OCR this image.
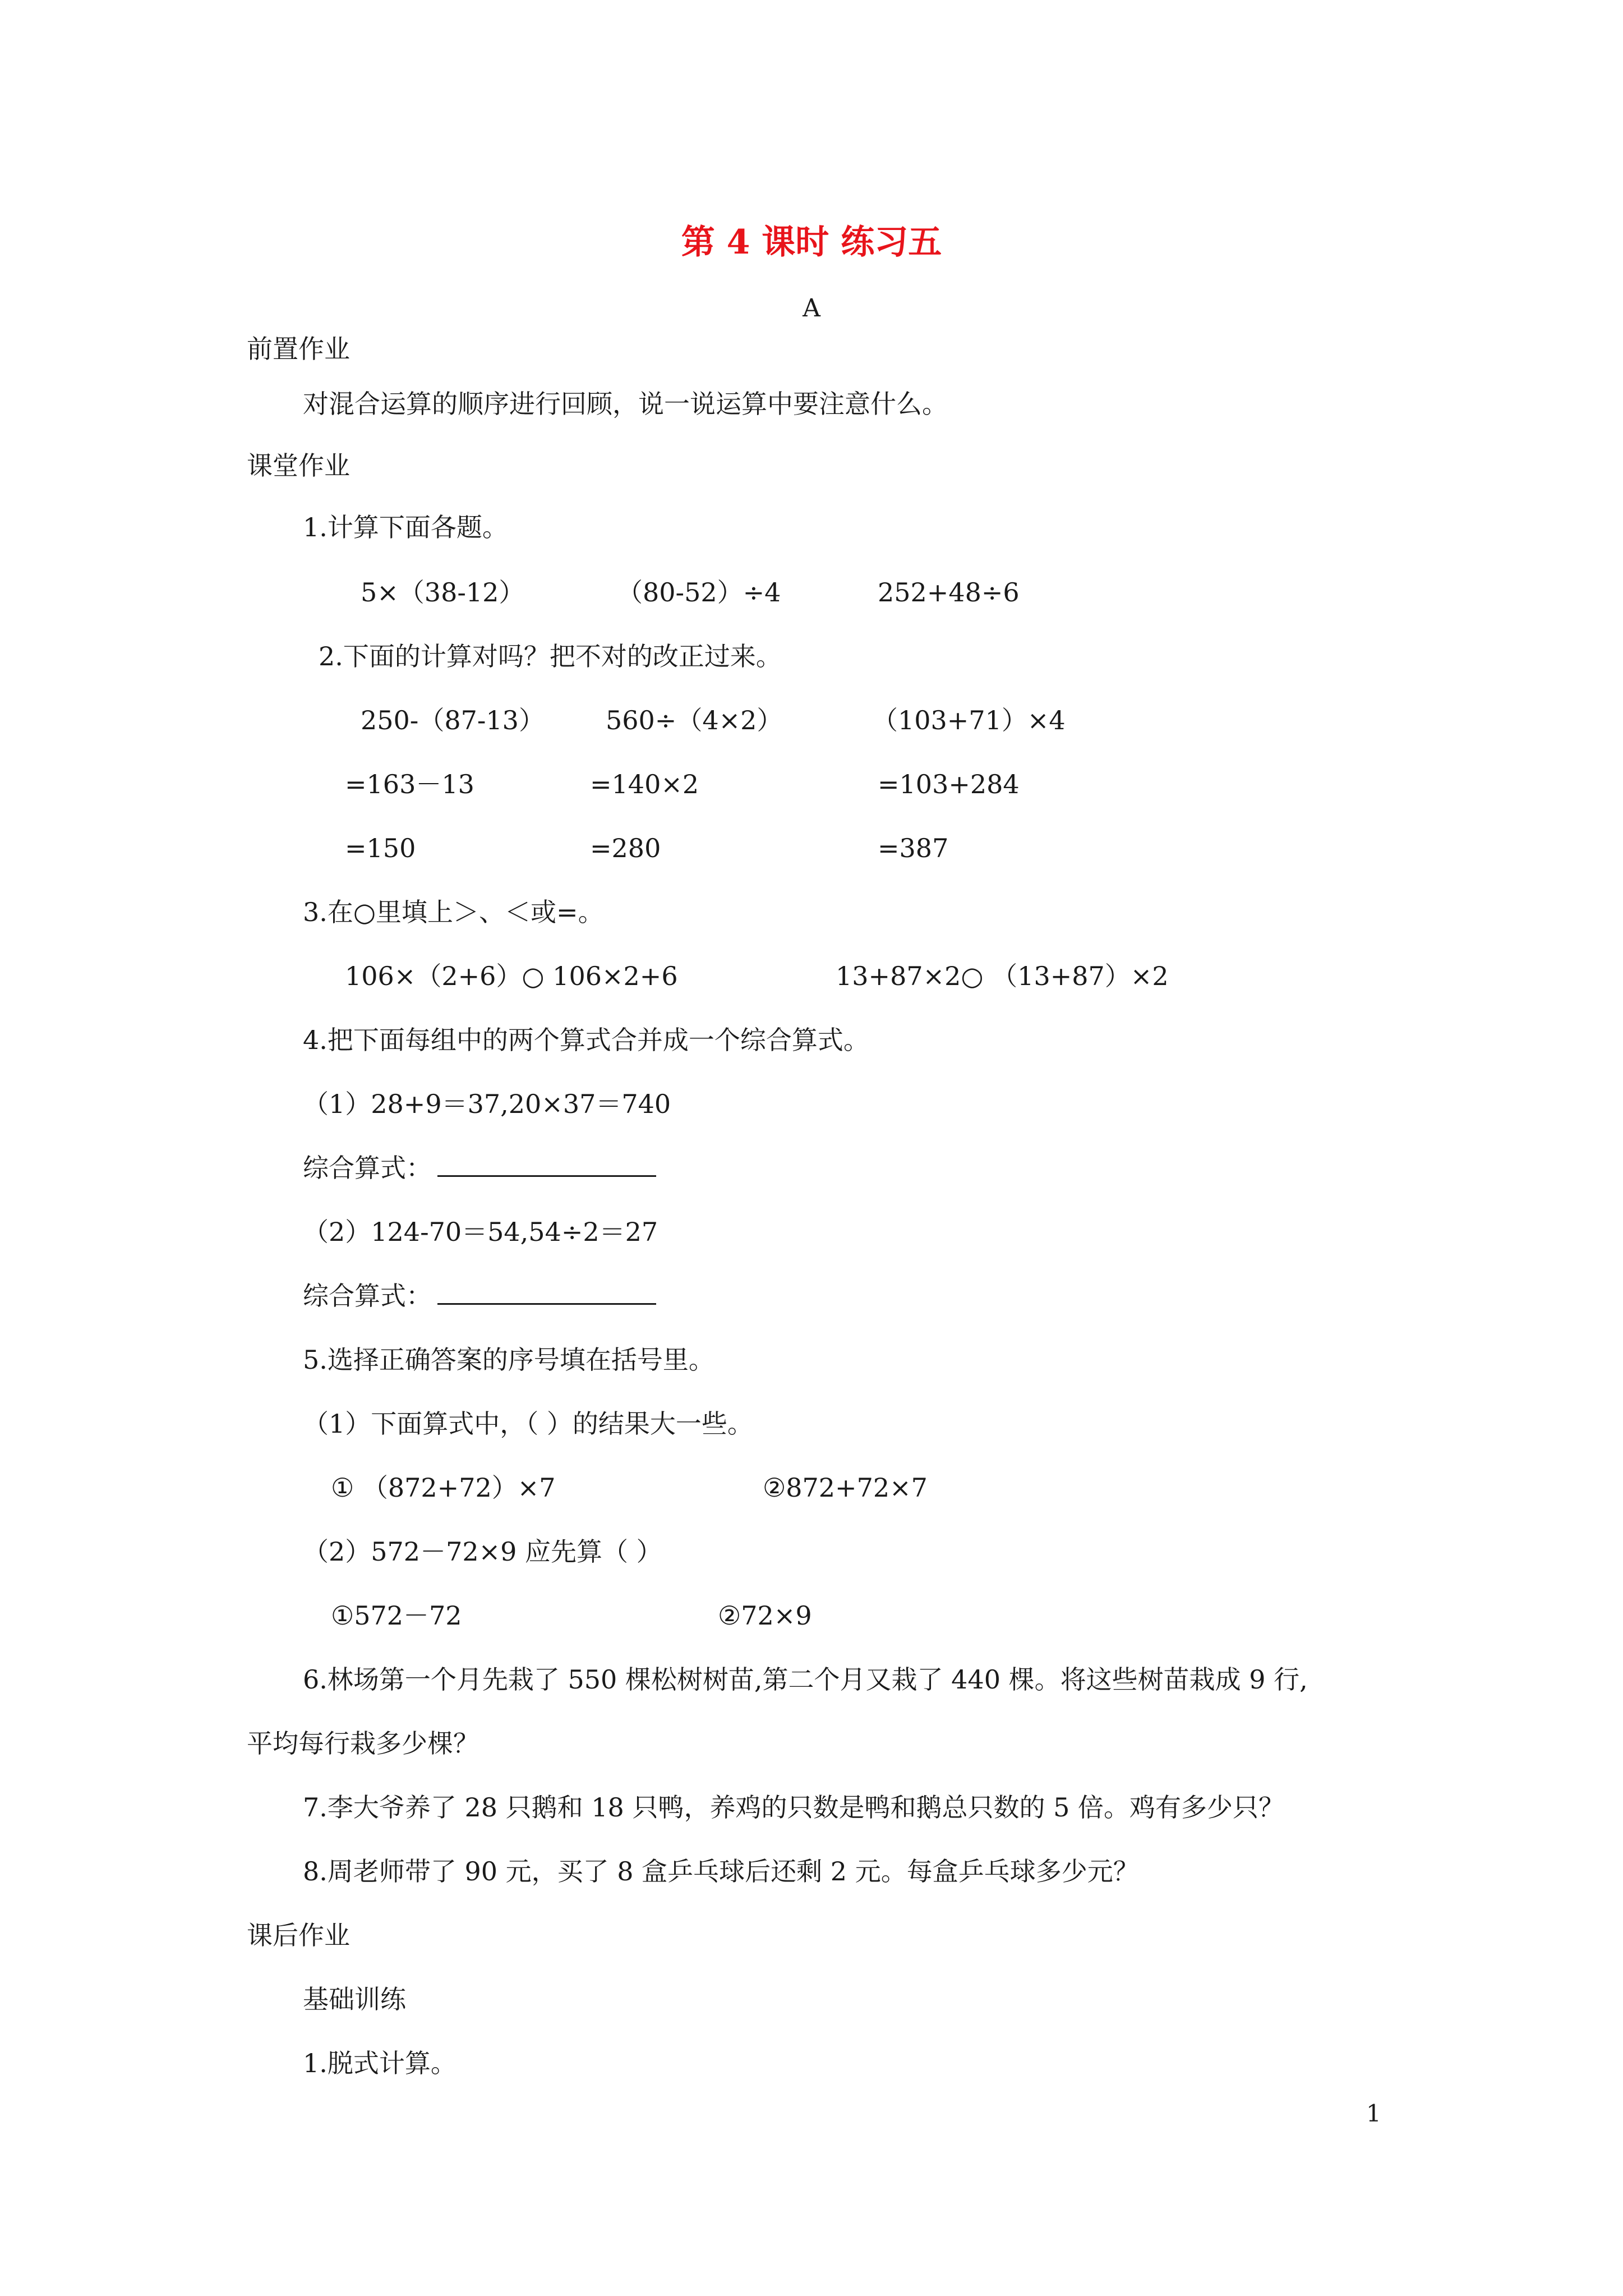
第 4 课时 练习五
A
前置作业
对混合运算的顺序进行回顾，说一说运算中要注意什么。
课堂作业
1.计算下面各题。
5×（38-12）	（80-52）÷4	252+48÷6
2.下面的计算对吗？把不对的改正过来。
250-（87-13） 560÷（4×2）	（103+71）×4
=163－13	=140×2	=103+284
=150	=280	=387
3.在○里填上＞、＜或=。
106×（2+6）○ 106×2+6	13+87×2○ （13+87）×2
4.把下面每组中的两个算式合并成一个综合算式。
（1）28+9＝37,20×37＝740
综合算式：
（2）124-70＝54,54÷2＝27
综合算式：
5.选择正确答案的序号填在括号里。
（1）下面算式中，（ ）的结果大一些。
① （872+72）×7	②872+72×7
（2）572－72×9 应先算（ ）
①572－72	②72×9
6.林场第一个月先栽了 550 棵松树树苗,第二个月又栽了 440 棵。将这些树苗栽成 9 行,
平均每行栽多少棵？
7.李大爷养了 28 只鹅和 18 只鸭，养鸡的只数是鸭和鹅总只数的 5 倍。鸡有多少只？
8.周老师带了 90 元，买了 8 盒乒乓球后还剩 2 元。每盒乒乓球多少元？
课后作业
基础训练
1.脱式计算。
1
